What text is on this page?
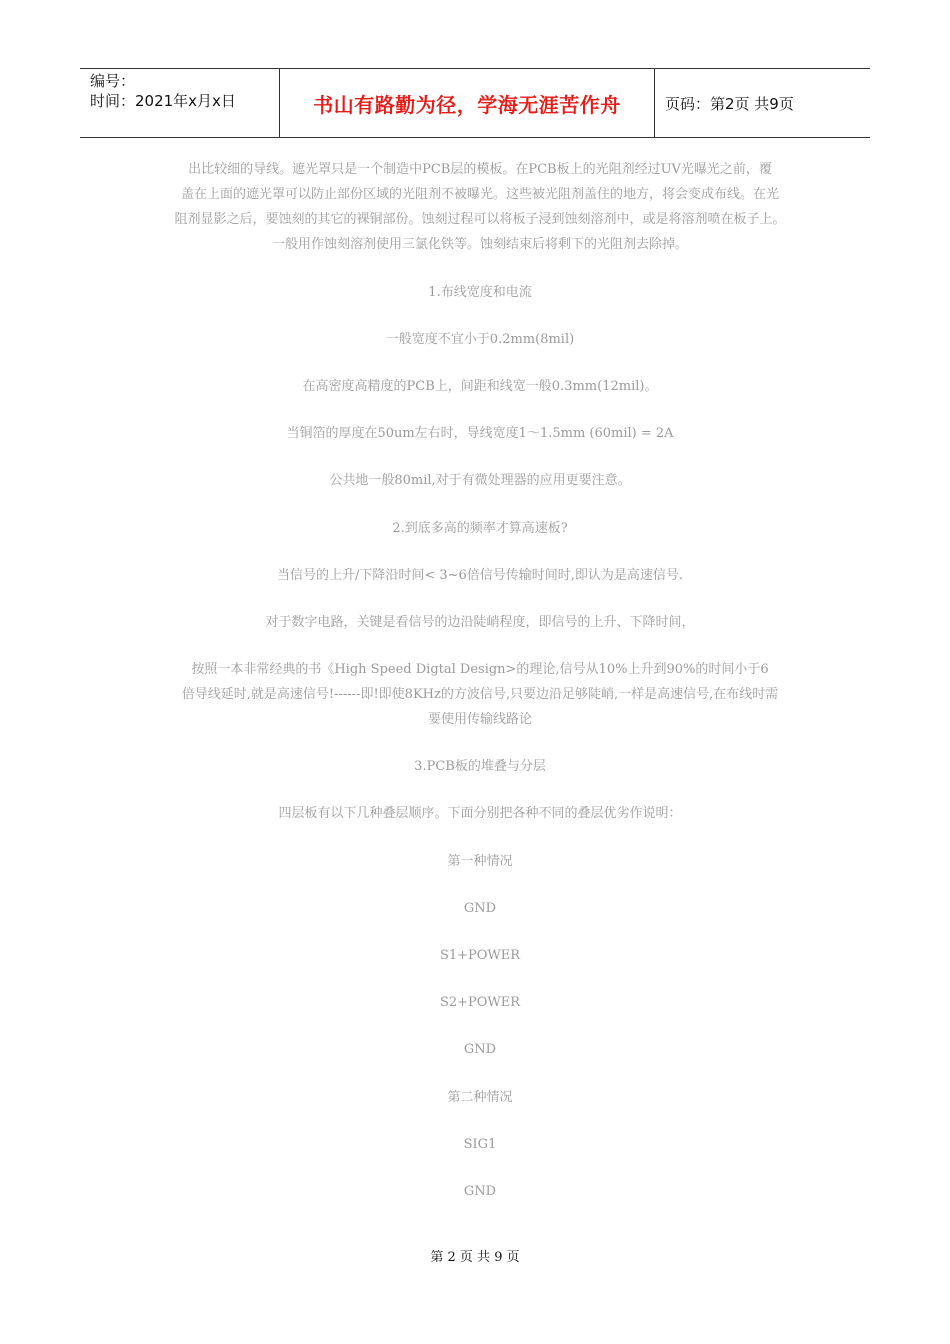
编号：
时间：2021年x月x日	书山有路勤为径，学海无涯苦作舟	页码：第2页 共9页

出比较细的导线。遮光罩只是一个制造中PCB层的模板。在PCB板上的光阻剂经过UV光曝光之前，覆

盖在上面的遮光罩可以防止部份区域的光阻剂不被曝光。这些被光阻剂盖住的地方，将会变成布线。在光

阻剂显影之后，要蚀刻的其它的裸铜部份。蚀刻过程可以将板子浸到蚀刻溶剂中，或是将溶剂喷在板子上。

一般用作蚀刻溶剂使用三氯化铁等。蚀刻结束后将剩下的光阻剂去除掉。

1.布线宽度和电流
一般宽度不宜小于0.2mm(8mil)
在高密度高精度的PCB上，间距和线宽一般0.3mm(12mil)。
当铜箔的厚度在50um左右时，导线宽度1～1.5mm (60mil) = 2A
公共地一般80mil,对于有微处理器的应用更要注意。
2.到底多高的频率才算高速板?
当信号的上升/下降沿时间< 3~6倍信号传输时间时,即认为是高速信号.
对于数字电路，关键是看信号的边沿陡峭程度，即信号的上升、下降时间，
按照一本非常经典的书《High Speed Digtal Design>的理论,信号从10%上升到90%的时间小于6
倍导线延时,就是高速信号!------即!即使8KHz的方波信号,只要边沿足够陡峭,一样是高速信号,在布线时需
要使用传输线路论
3.PCB板的堆叠与分层
四层板有以下几种叠层顺序。下面分别把各种不同的叠层优劣作说明：
第一种情况
GND
S1+POWER
S2+POWER
GND
第二种情况
SIG1
GND
第 2 页 共 9 页
